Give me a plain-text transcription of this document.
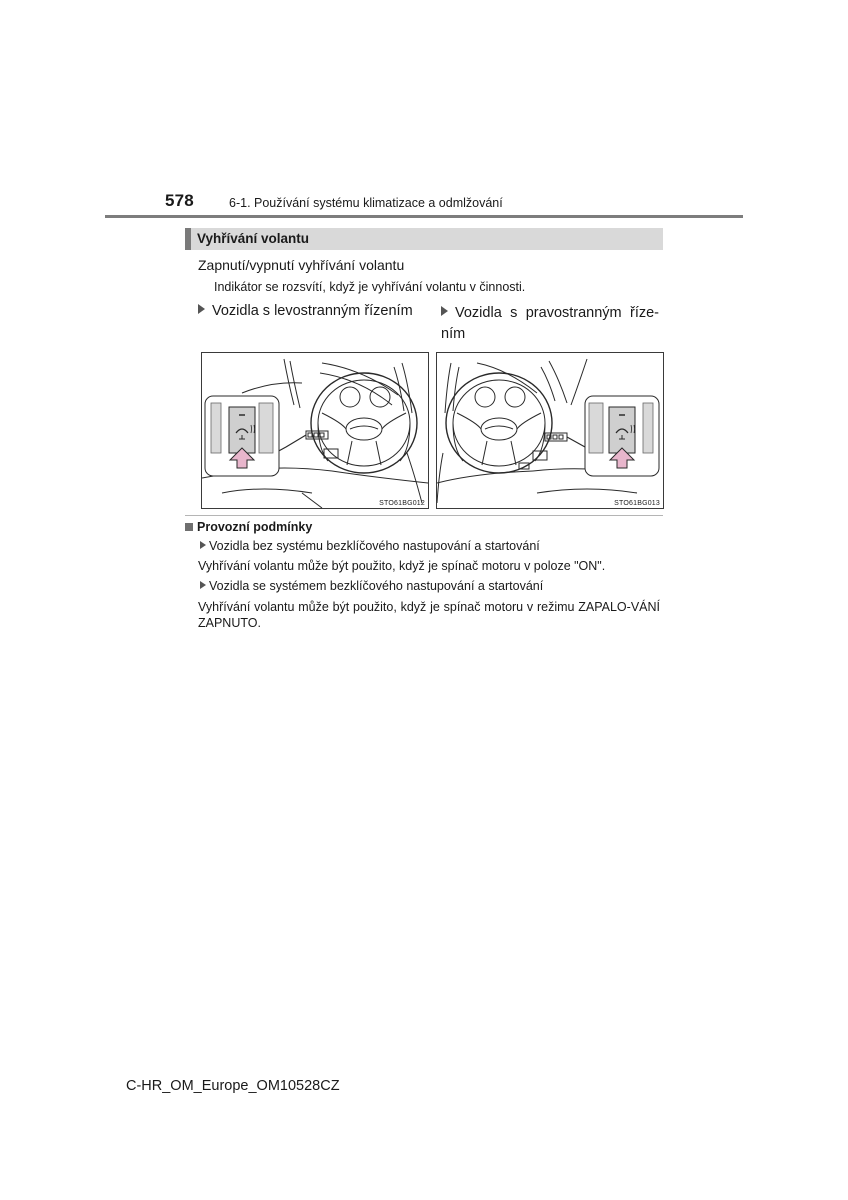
578	6-1. Používání systému klimatizace a odmlžování
Vyhřívání volantu
Zapnutí/vypnutí vyhřívání volantu
Indikátor se rozsvítí, když je vyhřívání volantu v činnosti.
Vozidla s levostranným řízením	Vozidla s pravostranným říze-ním
STO61BG012	STO61BG013
Provozní podmínky
Vozidla bez systému bezklíčového nastupování a startování
Vyhřívání volantu může být použito, když je spínač motoru v poloze "ON".
Vozidla se systémem bezklíčového nastupování a startování
Vyhřívání volantu může být použito, když je spínač motoru v režimu ZAPALO-VÁNÍ ZAPNUTO.
C-HR_OM_Europe_OM10528CZ
